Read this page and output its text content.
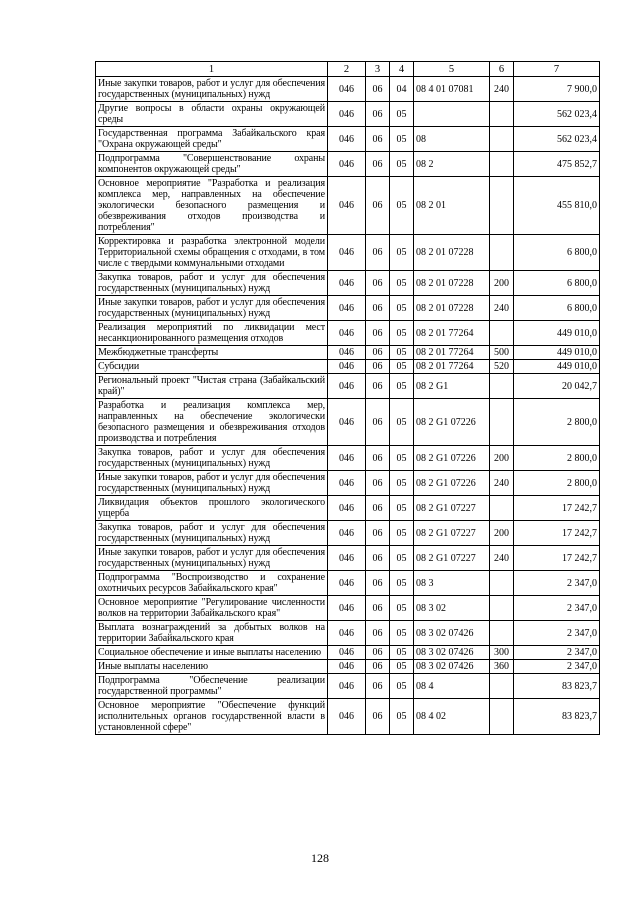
1	2	3	4	5	6	7
Иные закупки товаров, работ и услуг для обеспечения государственных (муниципальных) нужд	046	06	04	08 4 01 07081	240	7 900,0
Другие вопросы в области охраны окружающей среды	046	06	05			562 023,4
Государственная программа Забайкальского края "Охрана окружающей среды"	046	06	05	08		562 023,4
Подпрограмма "Совершенствование охраны компонентов окружающей среды"	046	06	05	08 2		475 852,7
Основное мероприятие "Разработка и реализация комплекса мер, направленных на обеспечение экологически безопасного размещения и обезвреживания отходов производства и потребления"	046	06	05	08 2 01		455 810,0
Корректировка и разработка электронной модели Территориальной схемы обращения с отходами, в том числе с твердыми коммунальными отходами	046	06	05	08 2 01 07228		6 800,0
Закупка товаров, работ и услуг для обеспечения государственных (муниципальных) нужд	046	06	05	08 2 01 07228	200	6 800,0
Иные закупки товаров, работ и услуг для обеспечения государственных (муниципальных) нужд	046	06	05	08 2 01 07228	240	6 800,0
Реализация мероприятий по ликвидации мест несанкционированного размещения отходов	046	06	05	08 2 01 77264		449 010,0
Межбюджетные трансферты	046	06	05	08 2 01 77264	500	449 010,0
Субсидии	046	06	05	08 2 01 77264	520	449 010,0
Региональный проект "Чистая страна (Забайкальский край)"	046	06	05	08 2 G1		20 042,7
Разработка и реализация комплекса мер, направленных на обеспечение экологически безопасного размещения и обезвреживания отходов производства и потребления	046	06	05	08 2 G1 07226		2 800,0
Закупка товаров, работ и услуг для обеспечения государственных (муниципальных) нужд	046	06	05	08 2 G1 07226	200	2 800,0
Иные закупки товаров, работ и услуг для обеспечения государственных (муниципальных) нужд	046	06	05	08 2 G1 07226	240	2 800,0
Ликвидация объектов прошлого экологического ущерба	046	06	05	08 2 G1 07227		17 242,7
Закупка товаров, работ и услуг для обеспечения государственных (муниципальных) нужд	046	06	05	08 2 G1 07227	200	17 242,7
Иные закупки товаров, работ и услуг для обеспечения государственных (муниципальных) нужд	046	06	05	08 2 G1 07227	240	17 242,7
Подпрограмма "Воспроизводство и сохранение охотничьих ресурсов Забайкальского края"	046	06	05	08 3		2 347,0
Основное мероприятие "Регулирование численности волков на территории Забайкальского края"	046	06	05	08 3 02		2 347,0
Выплата вознаграждений за добытых волков на территории Забайкальского края	046	06	05	08 3 02 07426		2 347,0
Социальное обеспечение и иные выплаты населению	046	06	05	08 3 02 07426	300	2 347,0
Иные выплаты населению	046	06	05	08 3 02 07426	360	2 347,0
Подпрограмма "Обеспечение реализации государственной программы"	046	06	05	08 4		83 823,7
Основное мероприятие "Обеспечение функций исполнительных органов государственной власти в установленной сфере"	046	06	05	08 4 02		83 823,7
128
